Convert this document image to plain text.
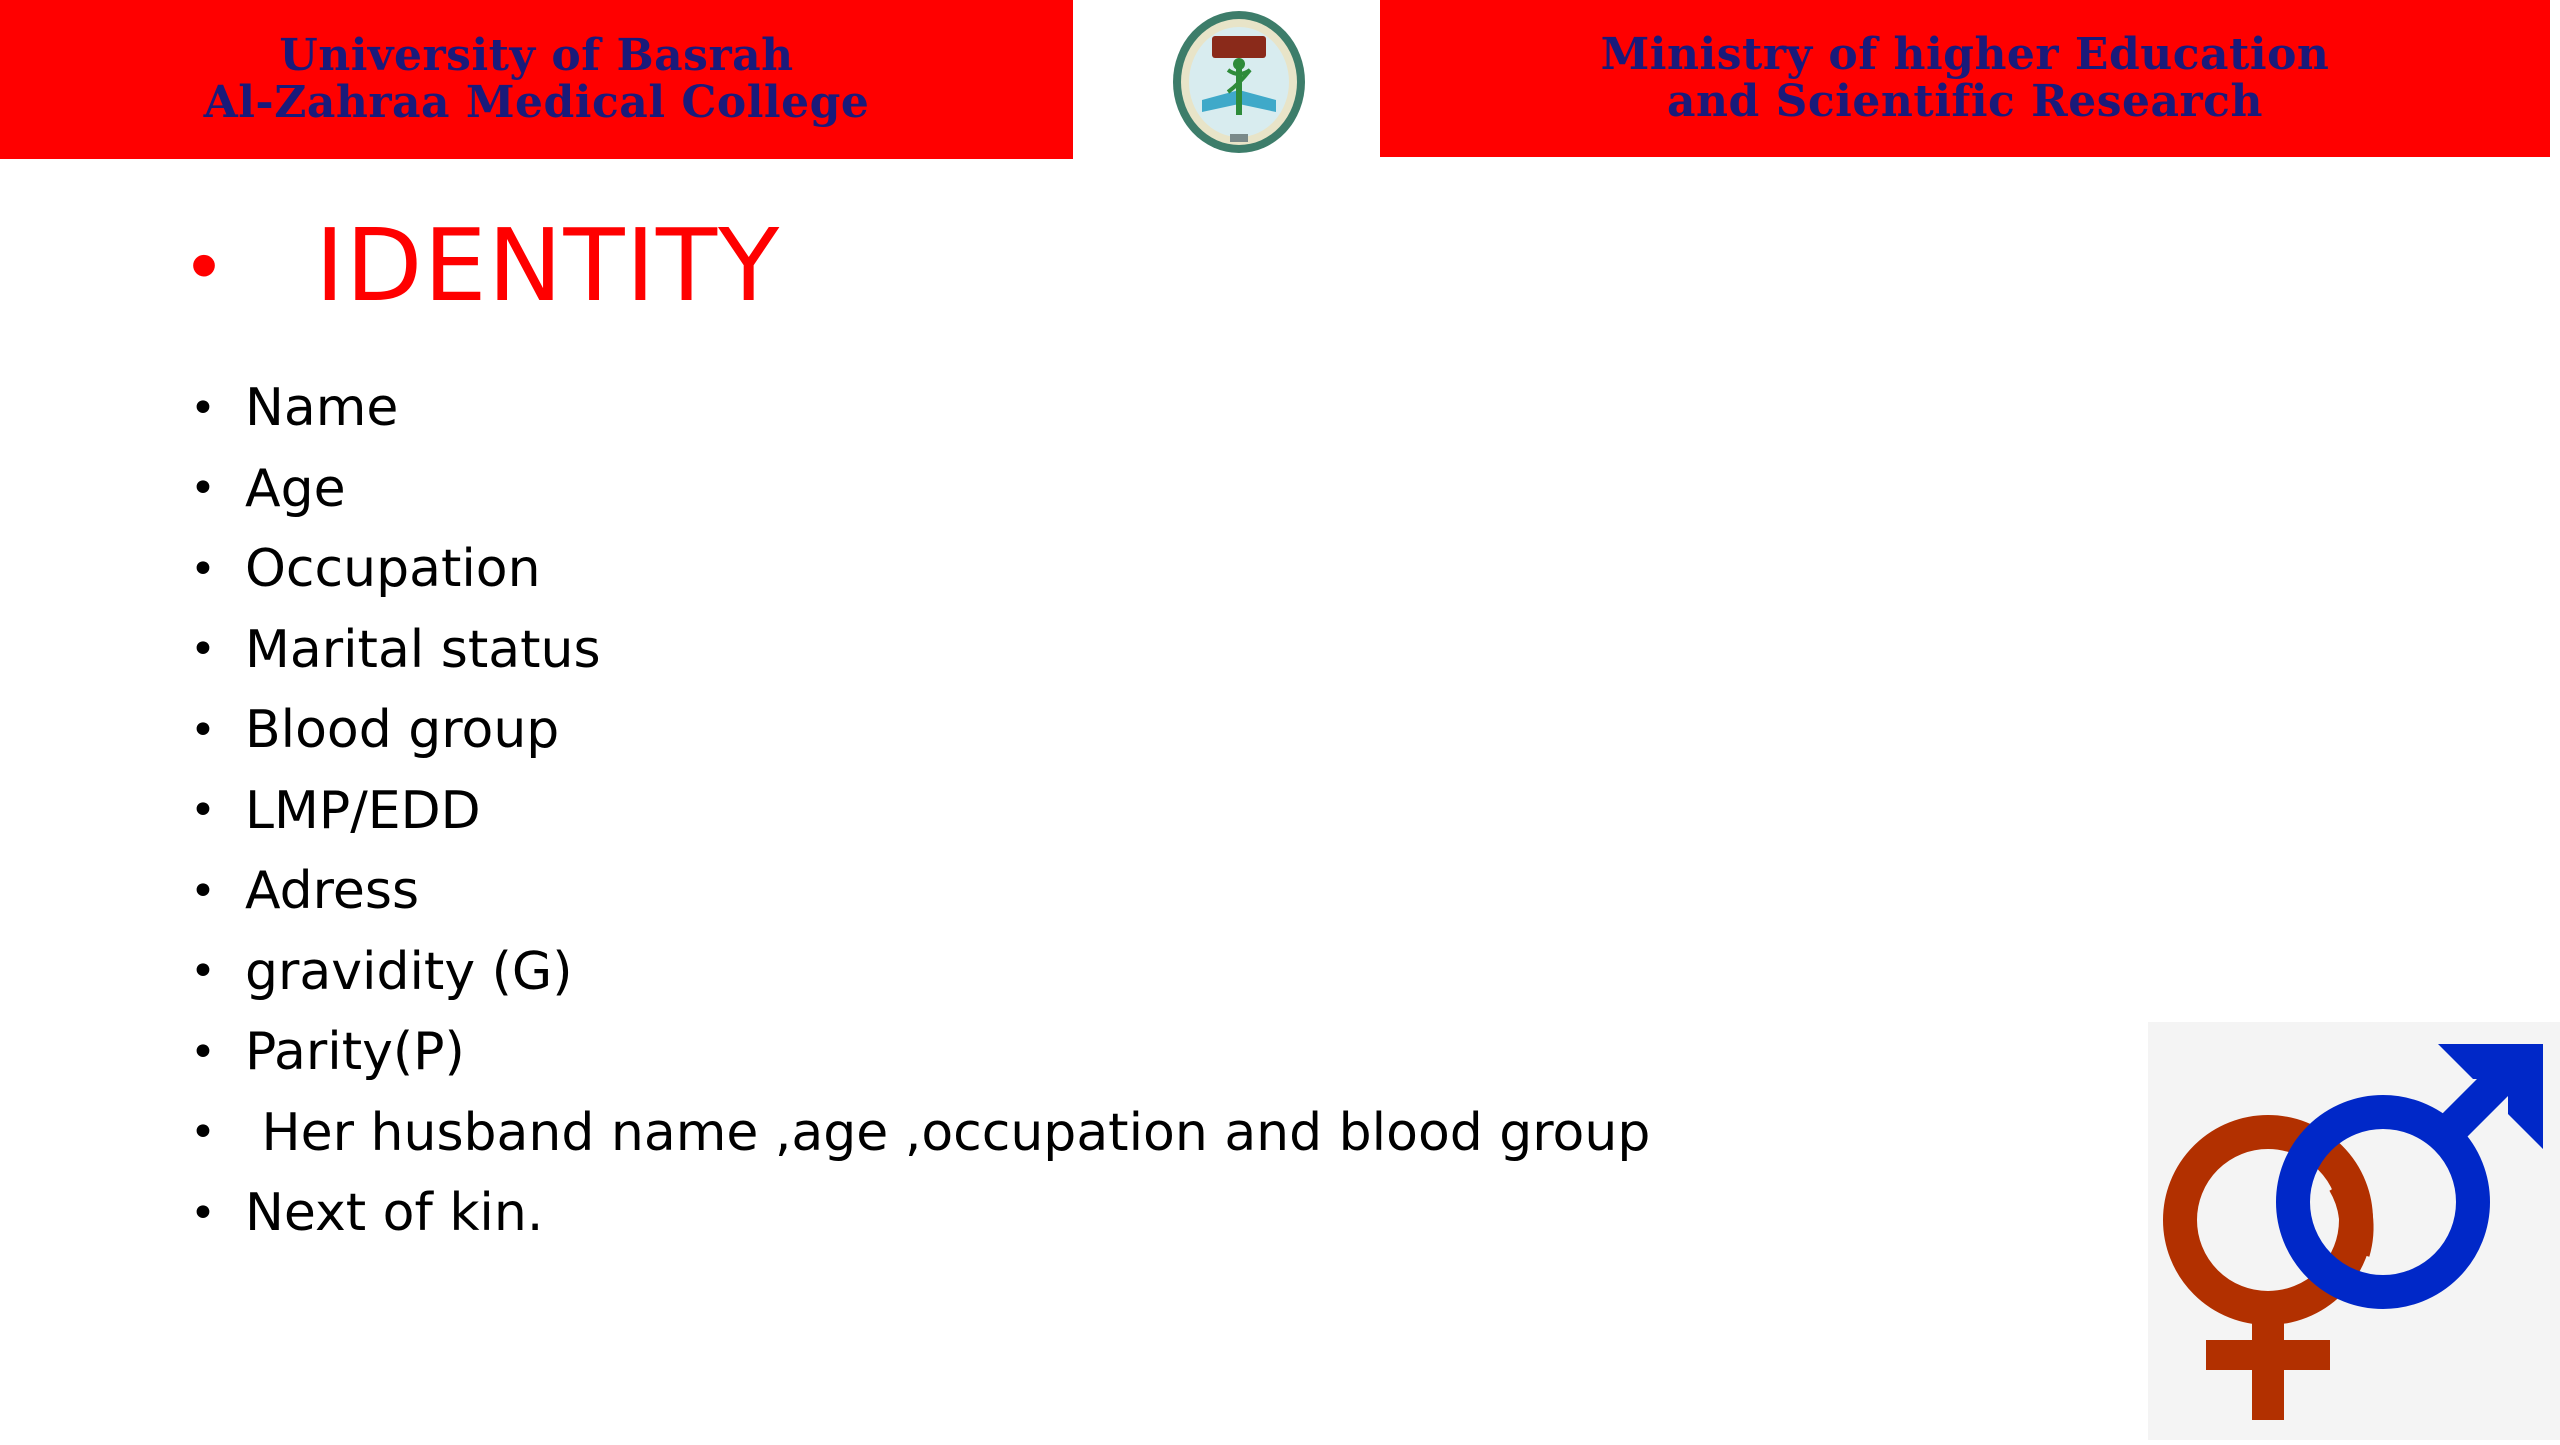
University of Basrah
Al-Zahraa Medical College
Ministry of higher Education
and Scientific Research
• IDENTITY
• Name
• Age
• Occupation
• Marital status
• Blood group
• LMP/EDD
• Adress
• gravidity (G)
• Parity(P)
• Her husband name ,age ,occupation and blood group
• Next of kin.
